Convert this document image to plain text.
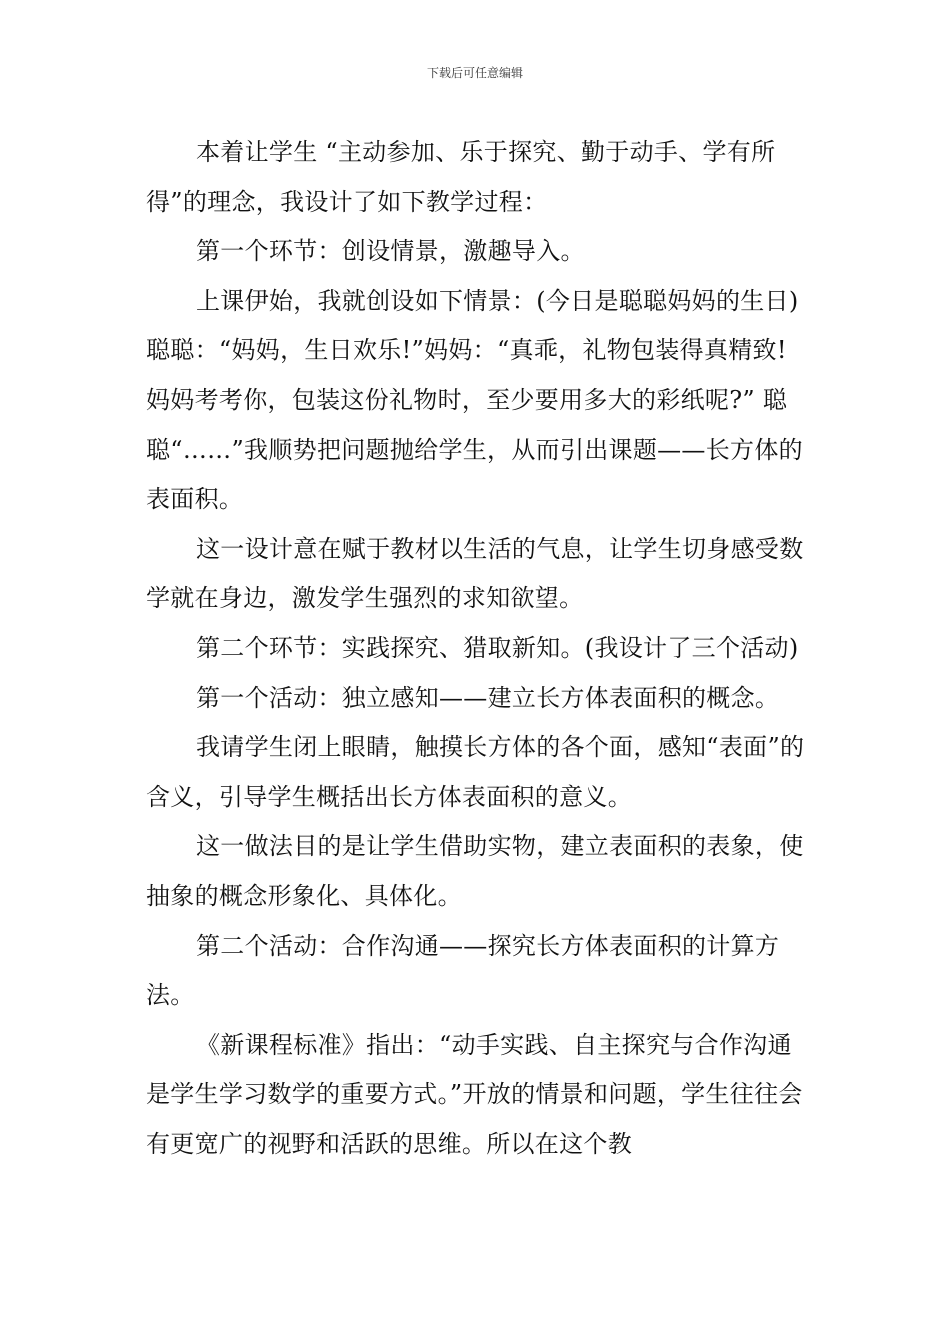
下载后可任意编辑

本着让学生 “主动参加、乐于探究、勤于动手、学有所得”的理念，我设计了如下教学过程：

第一个环节：创设情景，激趣导入。

上课伊始，我就创设如下情景：(今日是聪聪妈妈的生日)聪聪：“妈妈，生日欢乐!”妈妈：“真乖，礼物包装得真精致!妈妈考考你，包装这份礼物时，至少要用多大的彩纸呢?” 聪聪“……”我顺势把问题抛给学生，从而引出课题——长方体的表面积。

这一设计意在赋于教材以生活的气息，让学生切身感受数学就在身边，激发学生强烈的求知欲望。

第二个环节：实践探究、猎取新知。(我设计了三个活动)

第一个活动：独立感知——建立长方体表面积的概念。

我请学生闭上眼睛，触摸长方体的各个面，感知“表面”的含义，引导学生概括出长方体表面积的意义。

这一做法目的是让学生借助实物，建立表面积的表象，使抽象的概念形象化、具体化。

第二个活动：合作沟通——探究长方体表面积的计算方法。

《新课程标准》指出：“动手实践、自主探究与合作沟通是学生学习数学的重要方式。”开放的情景和问题，学生往往会有更宽广的视野和活跃的思维。所以在这个教
